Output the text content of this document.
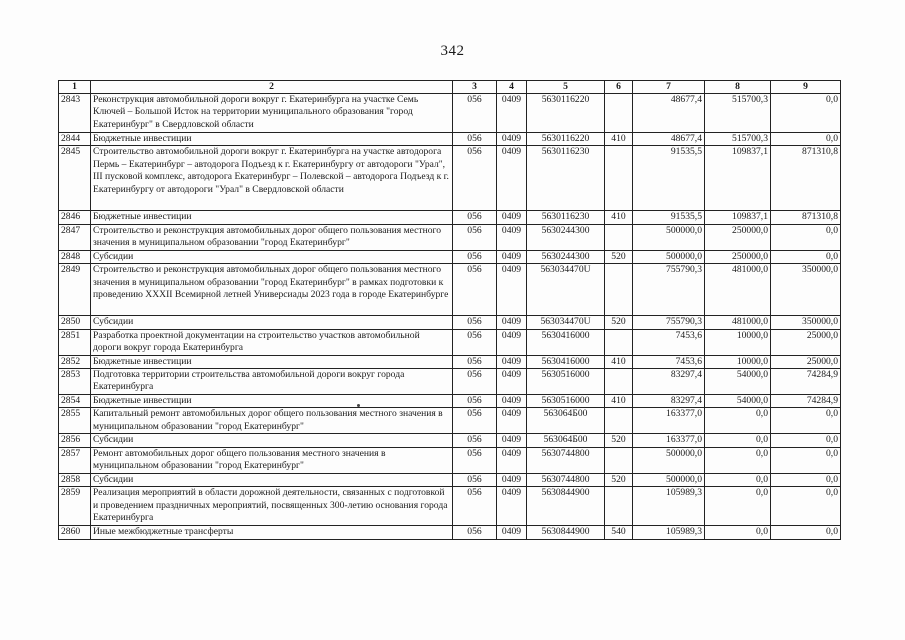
342
1	2	3	4	5	6	7	8	9
2843	Реконструкция автомобильной дороги вокруг г. Екатеринбурга на участке Семь Ключей – Большой Исток на территории муниципального образования "город Екатеринбург" в Свердловской области	056	0409	5630116220		48677,4	515700,3	0,0
2844	Бюджетные инвестиции	056	0409	5630116220	410	48677,4	515700,3	0,0
2845	Строительство автомобильной дороги вокруг г. Екатеринбурга на участке автодорога Пермь – Екатеринбург – автодорога Подъезд к г. Екатеринбургу от автодороги "Урал", III пусковой комплекс, автодорога Екатеринбург – Полевской – автодорога Подъезд к г. Екатеринбургу от автодороги "Урал" в Свердловской области	056	0409	5630116230		91535,5	109837,1	871310,8
2846	Бюджетные инвестиции	056	0409	5630116230	410	91535,5	109837,1	871310,8
2847	Строительство и реконструкция автомобильных дорог общего пользования местного значения в муниципальном образовании "город Екатеринбург"	056	0409	5630244300		500000,0	250000,0	0,0
2848	Субсидии	056	0409	5630244300	520	500000,0	250000,0	0,0
2849	Строительство и реконструкция автомобильных дорог общего пользования местного значения в муниципальном образовании "город Екатеринбург" в рамках подготовки к проведению XXXII Всемирной летней Универсиады 2023 года в городе Екатеринбурге	056	0409	563034470U		755790,3	481000,0	350000,0
2850	Субсидии	056	0409	563034470U	520	755790,3	481000,0	350000,0
2851	Разработка проектной документации на строительство участков автомобильной дороги вокруг города Екатеринбурга	056	0409	5630416000		7453,6	10000,0	25000,0
2852	Бюджетные инвестиции	056	0409	5630416000	410	7453,6	10000,0	25000,0
2853	Подготовка территории строительства автомобильной дороги вокруг города Екатеринбурга	056	0409	5630516000		83297,4	54000,0	74284,9
2854	Бюджетные инвестиции	056	0409	5630516000	410	83297,4	54000,0	74284,9
2855	Капитальный ремонт автомобильных дорог общего пользования местного значения в муниципальном образовании "город Екатеринбург"	056	0409	563064Б00		163377,0	0,0	0,0
2856	Субсидии	056	0409	563064Б00	520	163377,0	0,0	0,0
2857	Ремонт автомобильных дорог общего пользования местного значения в муниципальном образовании "город Екатеринбург"	056	0409	5630744800		500000,0	0,0	0,0
2858	Субсидии	056	0409	5630744800	520	500000,0	0,0	0,0
2859	Реализация мероприятий в области дорожной деятельности, связанных с подготовкой и проведением праздничных мероприятий, посвященных 300-летию основания города Екатеринбурга	056	0409	5630844900		105989,3	0,0	0,0
2860	Иные межбюджетные трансферты	056	0409	5630844900	540	105989,3	0,0	0,0
